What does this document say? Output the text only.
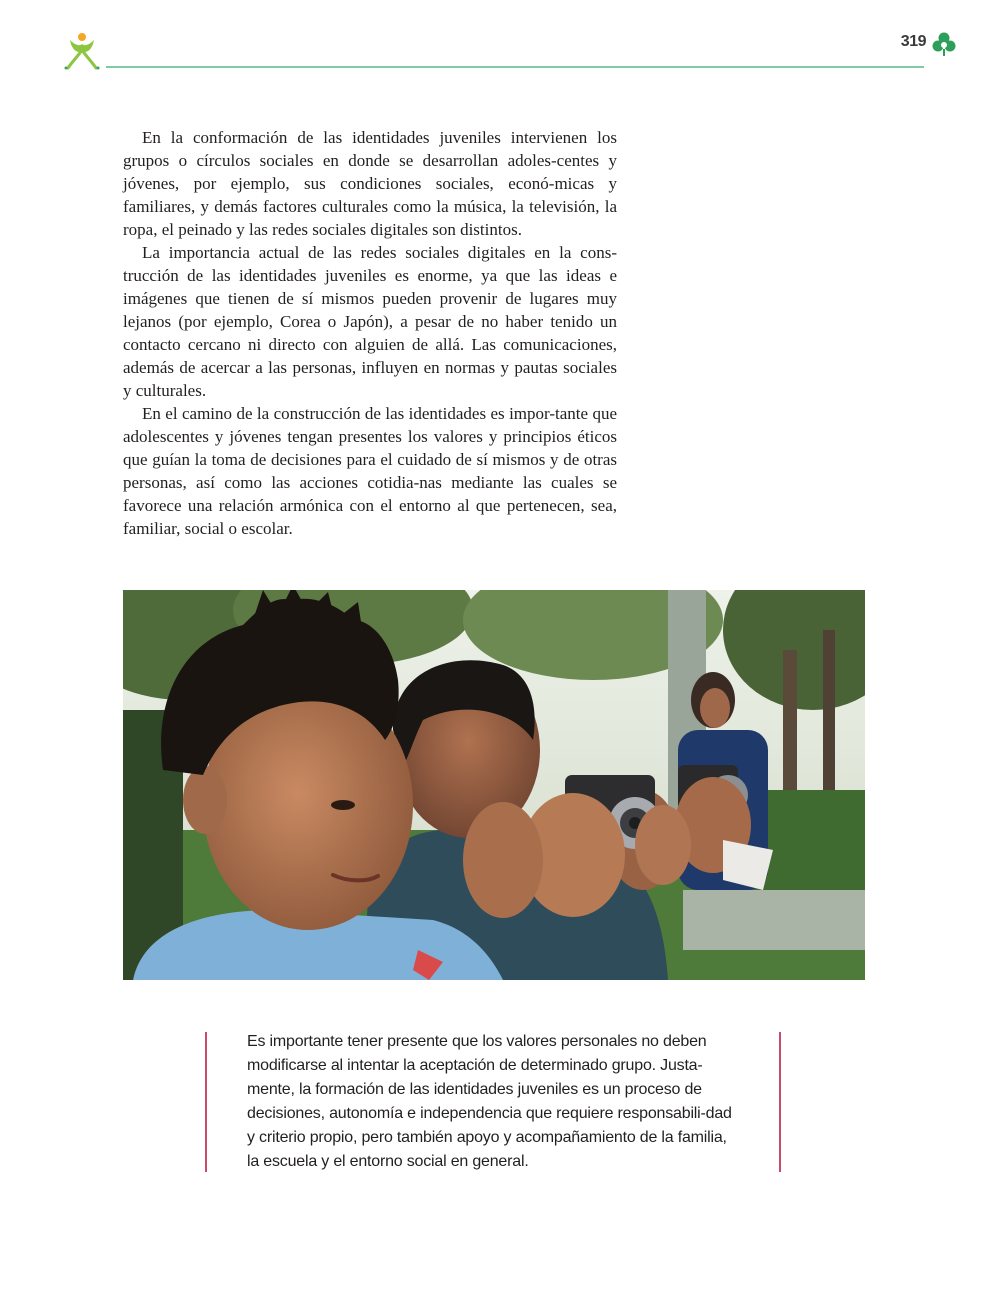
319

En la conformación de las identidades juveniles intervienen los grupos o círculos sociales en donde se desarrollan adoles-centes y jóvenes, por ejemplo, sus condiciones sociales, econó-micas y familiares, y demás factores culturales como la música, la televisión, la ropa, el peinado y las redes sociales digitales son distintos.

La importancia actual de las redes sociales digitales en la cons-trucción de las identidades juveniles es enorme, ya que las ideas e imágenes que tienen de sí mismos pueden provenir de lugares muy lejanos (por ejemplo, Corea o Japón), a pesar de no haber tenido un contacto cercano ni directo con alguien de allá. Las comunicaciones, además de acercar a las personas, influyen en normas y pautas sociales y culturales.

En el camino de la construcción de las identidades es impor-tante que adolescentes y jóvenes tengan presentes los valores y principios éticos que guían la toma de decisiones para el cuidado de sí mismos y de otras personas, así como las acciones cotidia-nas mediante las cuales se favorece una relación armónica con el entorno al que pertenecen, sea, familiar, social o escolar.

Es importante tener presente que los valores personales no deben modificarse al intentar la aceptación de determinado grupo. Justa-mente, la formación de las identidades juveniles es un proceso de decisiones, autonomía e independencia que requiere responsabili-dad y criterio propio, pero también apoyo y acompañamiento de la familia, la escuela y el entorno social en general.
